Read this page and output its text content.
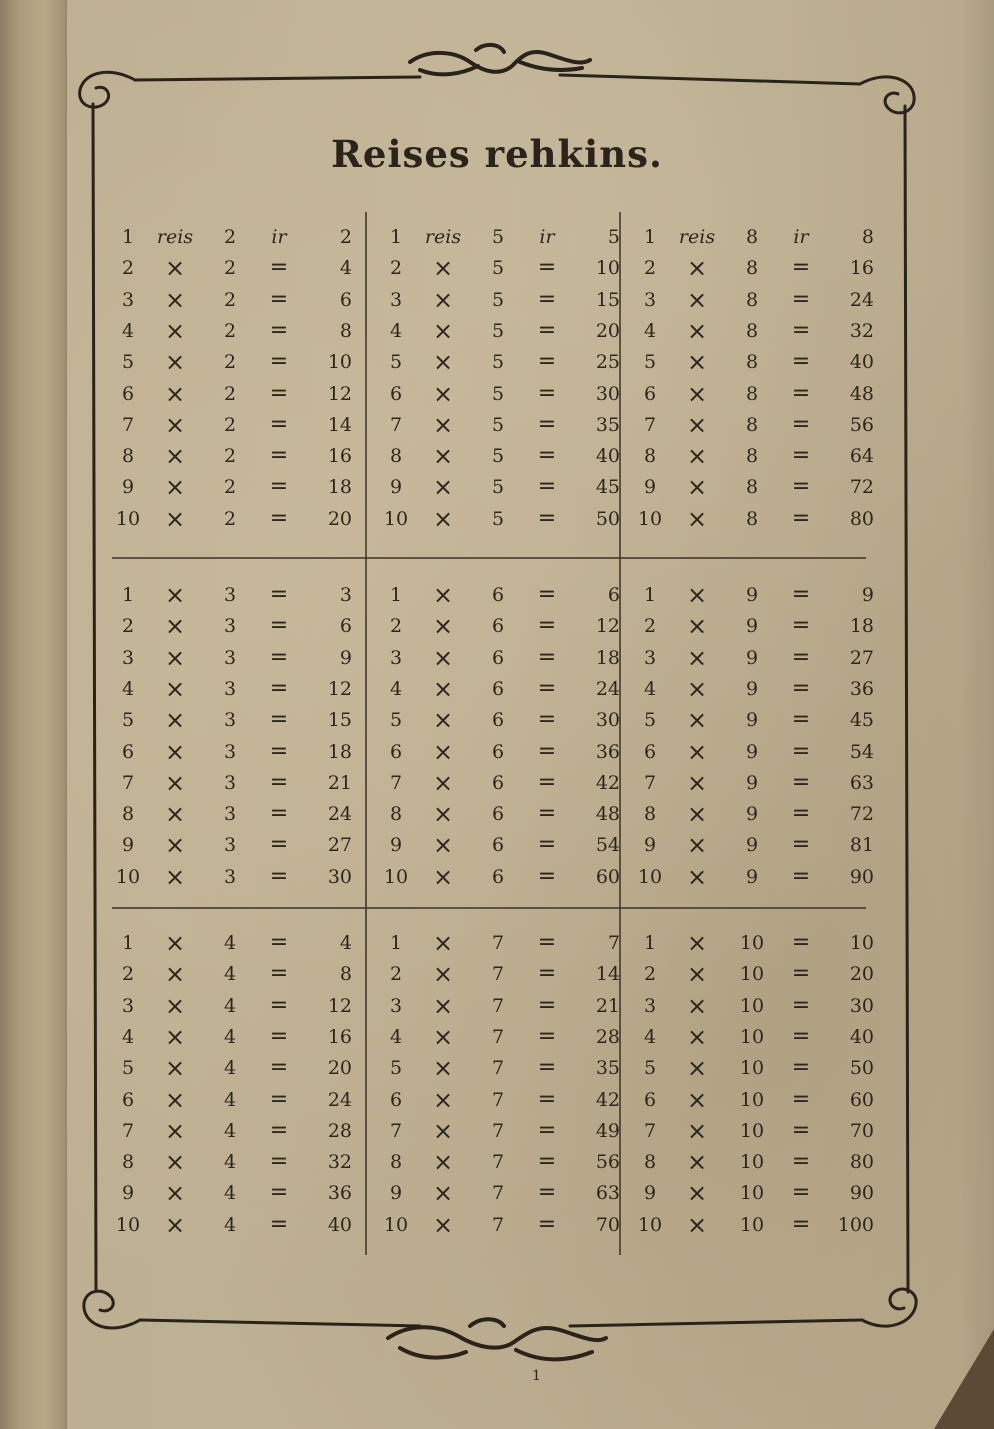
Reises rehkins.
1	reis	2	ir	2
2	×	2	=	4
3	×	2	=	6
4	×	2	=	8
5	×	2	=	10
6	×	2	=	12
7	×	2	=	14
8	×	2	=	16
9	×	2	=	18
10	×	2	=	20
1	reis	5	ir	5
2	×	5	=	10
3	×	5	=	15
4	×	5	=	20
5	×	5	=	25
6	×	5	=	30
7	×	5	=	35
8	×	5	=	40
9	×	5	=	45
10	×	5	=	50
1	reis	8	ir	8
2	×	8	=	16
3	×	8	=	24
4	×	8	=	32
5	×	8	=	40
6	×	8	=	48
7	×	8	=	56
8	×	8	=	64
9	×	8	=	72
10	×	8	=	80
1	×	3	=	3
2	×	3	=	6
3	×	3	=	9
4	×	3	=	12
5	×	3	=	15
6	×	3	=	18
7	×	3	=	21
8	×	3	=	24
9	×	3	=	27
10	×	3	=	30
1	×	6	=	6
2	×	6	=	12
3	×	6	=	18
4	×	6	=	24
5	×	6	=	30
6	×	6	=	36
7	×	6	=	42
8	×	6	=	48
9	×	6	=	54
10	×	6	=	60
1	×	9	=	9
2	×	9	=	18
3	×	9	=	27
4	×	9	=	36
5	×	9	=	45
6	×	9	=	54
7	×	9	=	63
8	×	9	=	72
9	×	9	=	81
10	×	9	=	90
1	×	4	=	4
2	×	4	=	8
3	×	4	=	12
4	×	4	=	16
5	×	4	=	20
6	×	4	=	24
7	×	4	=	28
8	×	4	=	32
9	×	4	=	36
10	×	4	=	40
1	×	7	=	7
2	×	7	=	14
3	×	7	=	21
4	×	7	=	28
5	×	7	=	35
6	×	7	=	42
7	×	7	=	49
8	×	7	=	56
9	×	7	=	63
10	×	7	=	70
1	×	10	=	10
2	×	10	=	20
3	×	10	=	30
4	×	10	=	40
5	×	10	=	50
6	×	10	=	60
7	×	10	=	70
8	×	10	=	80
9	×	10	=	90
10	×	10	=	100
1
